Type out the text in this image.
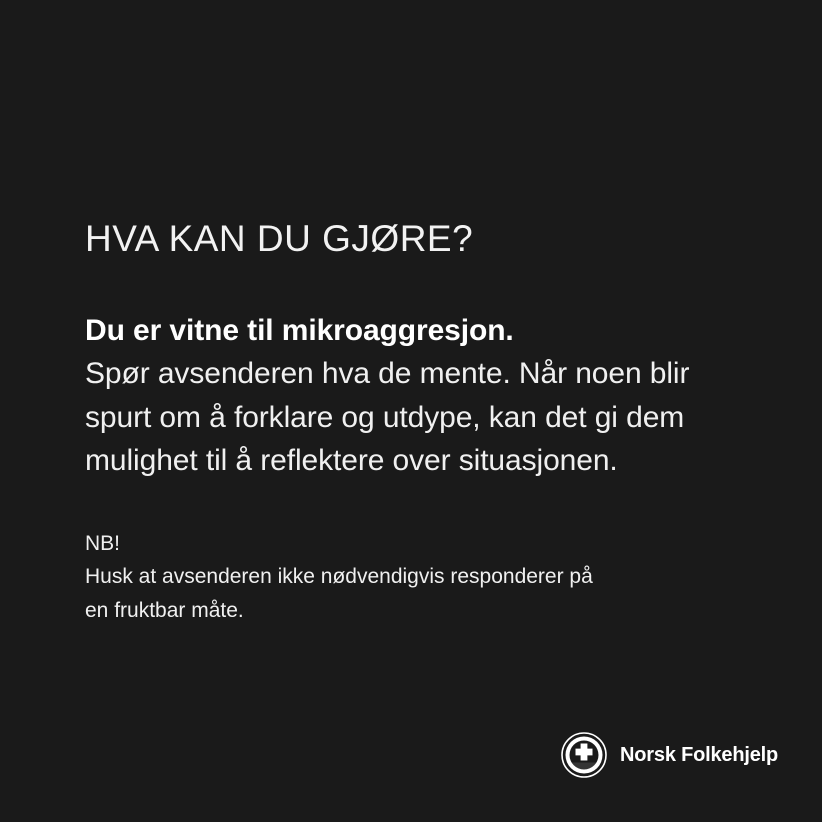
HVA KAN DU GJØRE?

Du er vitne til mikroaggresjon.

Spør avsenderen hva de mente. Når noen blir spurt om å forklare og utdype, kan det gi dem mulighet til å reflektere over situasjonen.

NB!

Husk at avsenderen ikke nødvendigvis responderer på en fruktbar måte.

Norsk Folkehjelp
